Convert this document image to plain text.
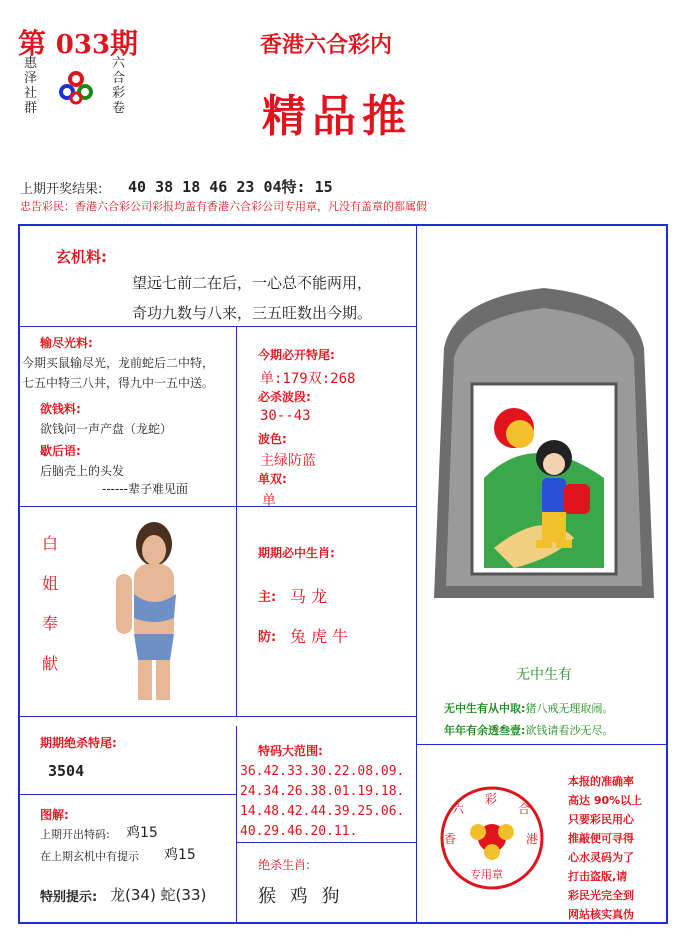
第 033期
惠泽社群
六合彩卷
香港六合彩内
精品推
上期开奖结果: 40 38 18 46 23 04特: 15
忠告彩民：香港六合彩公司彩报均盖有香港六合彩公司专用章，凡没有盖章的都属假
玄机料:
望远七前二在后，一心总不能两用，
奇功九数与八来，三五旺数出今期。
输尽光料:
今期买鼠输尽光，龙前蛇后二中特，
七五中特三八丼，得九中一五中送。
欲钱料:
欲钱问一声产盘（龙蛇）
歇后语:
后脑壳上的头发
------辈子难见面
今期必开特尾:
单:179双:268
必杀波段:
30--43
波色:
主绿防蓝
单双:
单
白
姐
奉
献
期期必中生肖:
主: 马 龙
防: 兔 虎 牛
无中生有
无中生有从中取:猪八戒无理取闹。
年年有余透叁壹:欲钱请看沙无尽。
期期绝杀特尾:
3504
特码大范围:
36.42.33.30.22.08.09.
24.34.26.38.01.19.18.
14.48.42.44.39.25.06.
40.29.46.20.11.
图解:
上期开出特码: 鸡15
在上期玄机中有提示 鸡15
特别提示: 龙(34) 蛇(33)
绝杀生肖:
猴 鸡 狗
六
彩
合
香	港
专用章
本报的准确率
高达 90%以上
只要彩民用心
推敲便可寻得
心水灵码为了
打击盗版,请
彩民光完全到
网站核实真伪
